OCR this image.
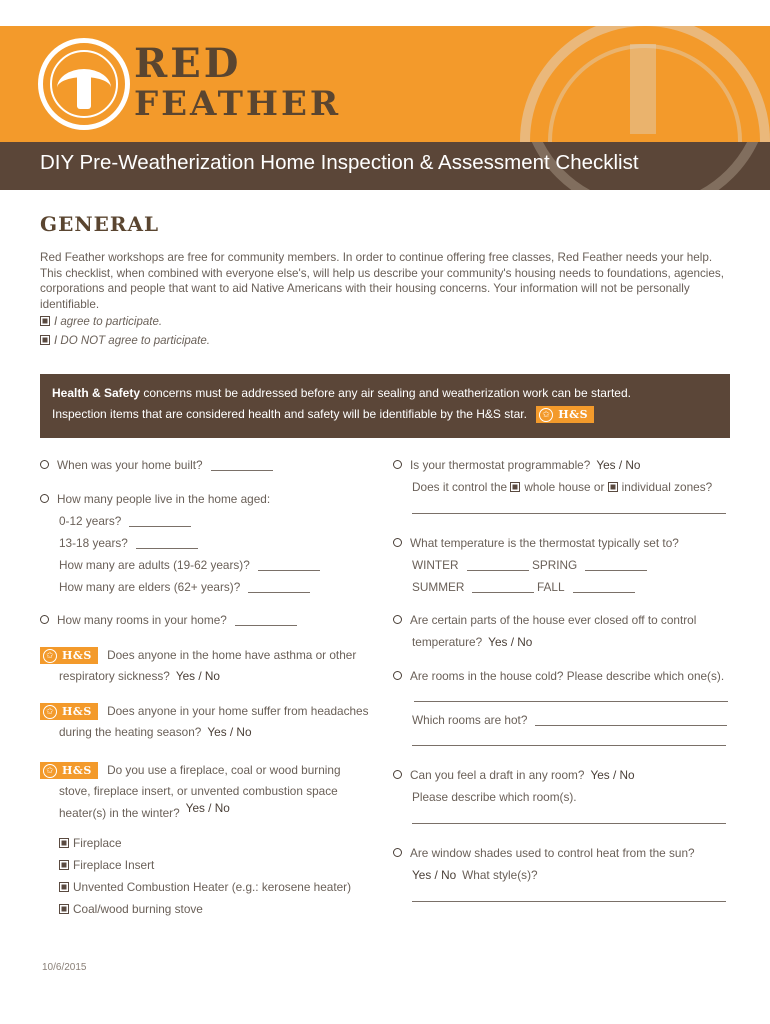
RED
FEATHER
DIY Pre-Weatherization Home Inspection & Assessment Checklist
GENERAL

Red Feather workshops are free for community members. In order to continue offering free classes, Red Feather needs your help. This checklist, when combined with everyone else's, will help us describe your community's housing needs to foundations, agencies, corporations and people that want to aid Native Americans with their housing concerns. Your information will not be personally identifiable.

I agree to participate.
I DO NOT agree to participate.
Health & Safety concerns must be addressed before any air sealing and weatherization work can be started.
Inspection items that are considered health and safety will be identifiable by the H&S star.	✩ H&S
When was your home built?
How many people live in the home aged:
0-12 years?
13-18 years?
How many are adults (19-62 years)?
How many are elders (62+ years)?
How many rooms in your home?
✩ H&S Does anyone in the home have asthma or other
respiratory sickness? Yes / No
✩ H&S Does anyone in your home suffer from headaches
during the heating season? Yes / No
✩ H&S Do you use a fireplace, coal or wood burning
stove, fireplace insert, or unvented combustion space
heater(s) in the winter? Yes / No
Fireplace
Fireplace Insert
Unvented Combustion Heater (e.g.: kerosene heater)
Coal/wood burning stove
Is your thermostat programmable? Yes / No
Does it control the whole house or individual zones?
What temperature is the thermostat typically set to?
WINTER	SPRING
SUMMER	FALL
Are certain parts of the house ever closed off to control
temperature? Yes / No
Are rooms in the house cold? Please describe which one(s).
Which rooms are hot?
Can you feel a draft in any room? Yes / No
Please describe which room(s).
Are window shades used to control heat from the sun?
Yes / No What style(s)?
10/6/2015
